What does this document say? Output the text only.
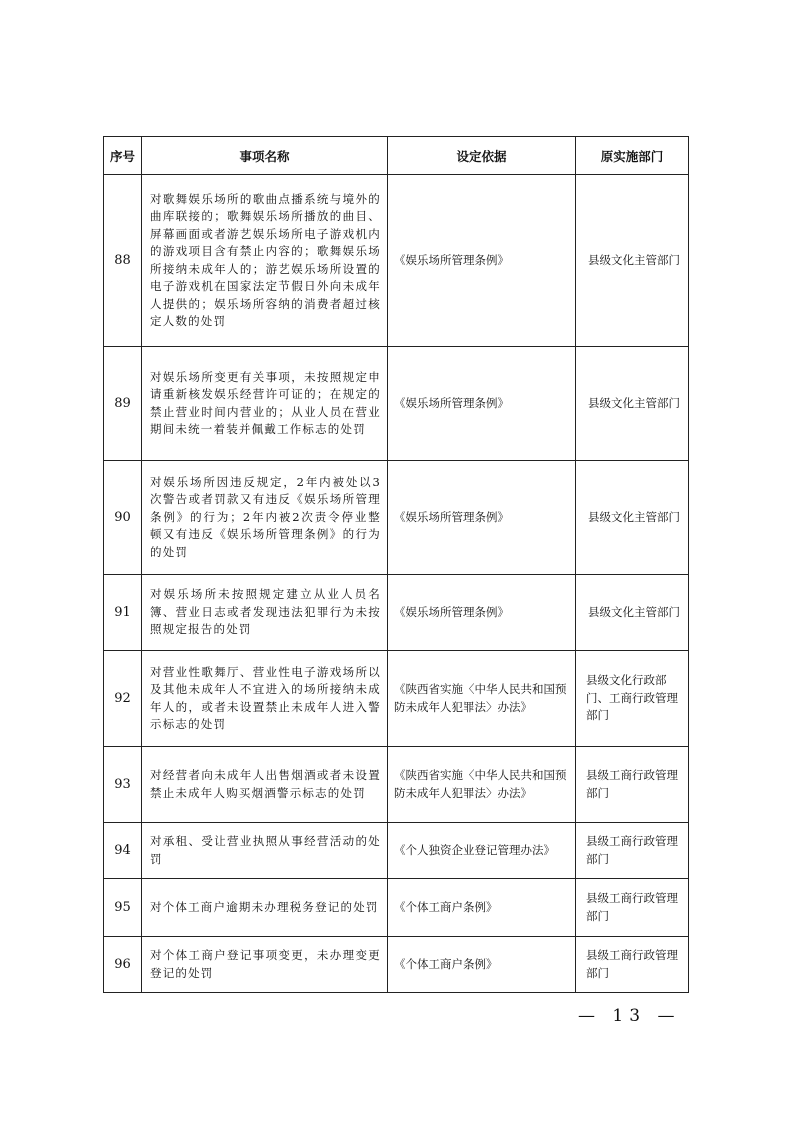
序号	事项名称	设定依据	原实施部门
88	对歌舞娱乐场所的歌曲点播系统与境外的曲库联接的；歌舞娱乐场所播放的曲目、屏幕画面或者游艺娱乐场所电子游戏机内的游戏项目含有禁止内容的；歌舞娱乐场所接纳未成年人的；游艺娱乐场所设置的电子游戏机在国家法定节假日外向未成年人提供的；娱乐场所容纳的消费者超过核定人数的处罚	《娱乐场所管理条例》	县级文化主管部门
89	对娱乐场所变更有关事项，未按照规定申请重新核发娱乐经营许可证的；在规定的禁止营业时间内营业的；从业人员在营业期间未统一着装并佩戴工作标志的处罚	《娱乐场所管理条例》	县级文化主管部门
90	对娱乐场所因违反规定，2年内被处以3次警告或者罚款又有违反《娱乐场所管理条例》的行为；2年内被2次责令停业整顿又有违反《娱乐场所管理条例》的行为的处罚	《娱乐场所管理条例》	县级文化主管部门
91	对娱乐场所未按照规定建立从业人员名簿、营业日志或者发现违法犯罪行为未按照规定报告的处罚	《娱乐场所管理条例》	县级文化主管部门
92	对营业性歌舞厅、营业性电子游戏场所以及其他未成年人不宜进入的场所接纳未成年人的，或者未设置禁止未成年人进入警示标志的处罚	《陕西省实施〈中华人民共和国预防未成年人犯罪法〉办法》	县级文化行政部门、工商行政管理部门
93	对经营者向未成年人出售烟酒或者未设置禁止未成年人购买烟酒警示标志的处罚	《陕西省实施〈中华人民共和国预防未成年人犯罪法〉办法》	县级工商行政管理部门
94	对承租、受让营业执照从事经营活动的处罚	《个人独资企业登记管理办法》	县级工商行政管理部门
95	对个体工商户逾期未办理税务登记的处罚	《个体工商户条例》	县级工商行政管理部门
96	对个体工商户登记事项变更，未办理变更登记的处罚	《个体工商户条例》	县级工商行政管理部门
— 13 —
